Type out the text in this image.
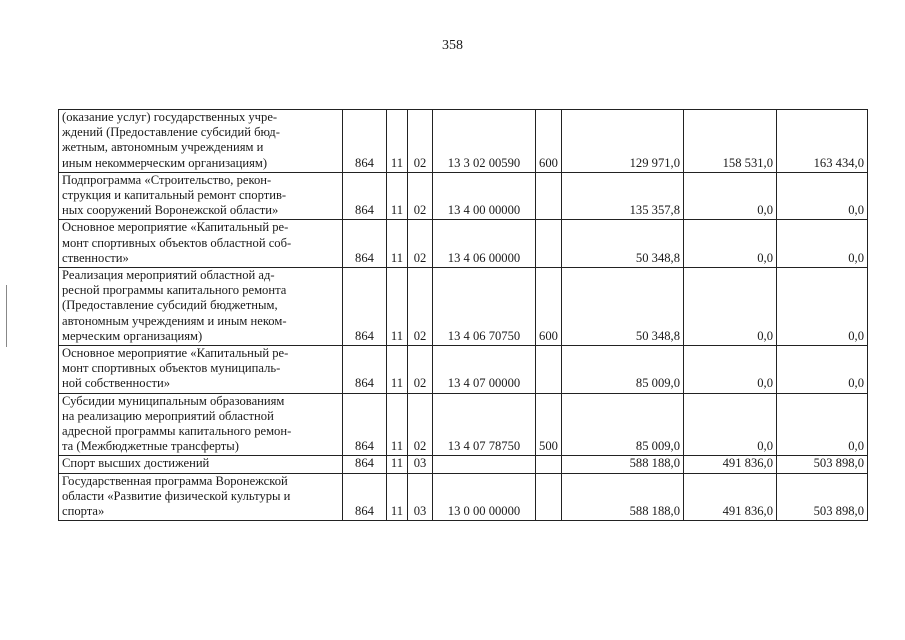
358
(оказание услуг) государственных учре-
ждений (Предоставление субсидий бюд-
жетным, автономным учреждениям и
иным некоммерческим организациям)	864	11	02	13 3 02 00590	600	129 971,0	158 531,0	163 434,0

Подпрограмма «Строительство, рекон-
струкция и капитальный ремонт спортив-
ных сооружений Воронежской области»	864	11	02	13 4 00 00000		135 357,8	0,0	0,0

Основное мероприятие «Капитальный ре-
монт спортивных объектов областной соб-
ственности»	864	11	02	13 4 06 00000		50 348,8	0,0	0,0

Реализация мероприятий областной ад-
ресной программы капитального ремонта
(Предоставление субсидий бюджетным,
автономным учреждениям и иным неком-
мерческим организациям)	864	11	02	13 4 06 70750	600	50 348,8	0,0	0,0

Основное мероприятие «Капитальный ре-
монт спортивных объектов муниципаль-
ной собственности»	864	11	02	13 4 07 00000		85 009,0	0,0	0,0

Субсидии муниципальным образованиям
на реализацию мероприятий областной
адресной программы капитального ремон-
та (Межбюджетные трансферты)	864	11	02	13 4 07 78750	500	85 009,0	0,0	0,0

Спорт высших достижений	864	11	03			588 188,0	491 836,0	503 898,0

Государственная программа Воронежской
области «Развитие физической культуры и
спорта»	864	11	03	13 0 00 00000		588 188,0	491 836,0	503 898,0
